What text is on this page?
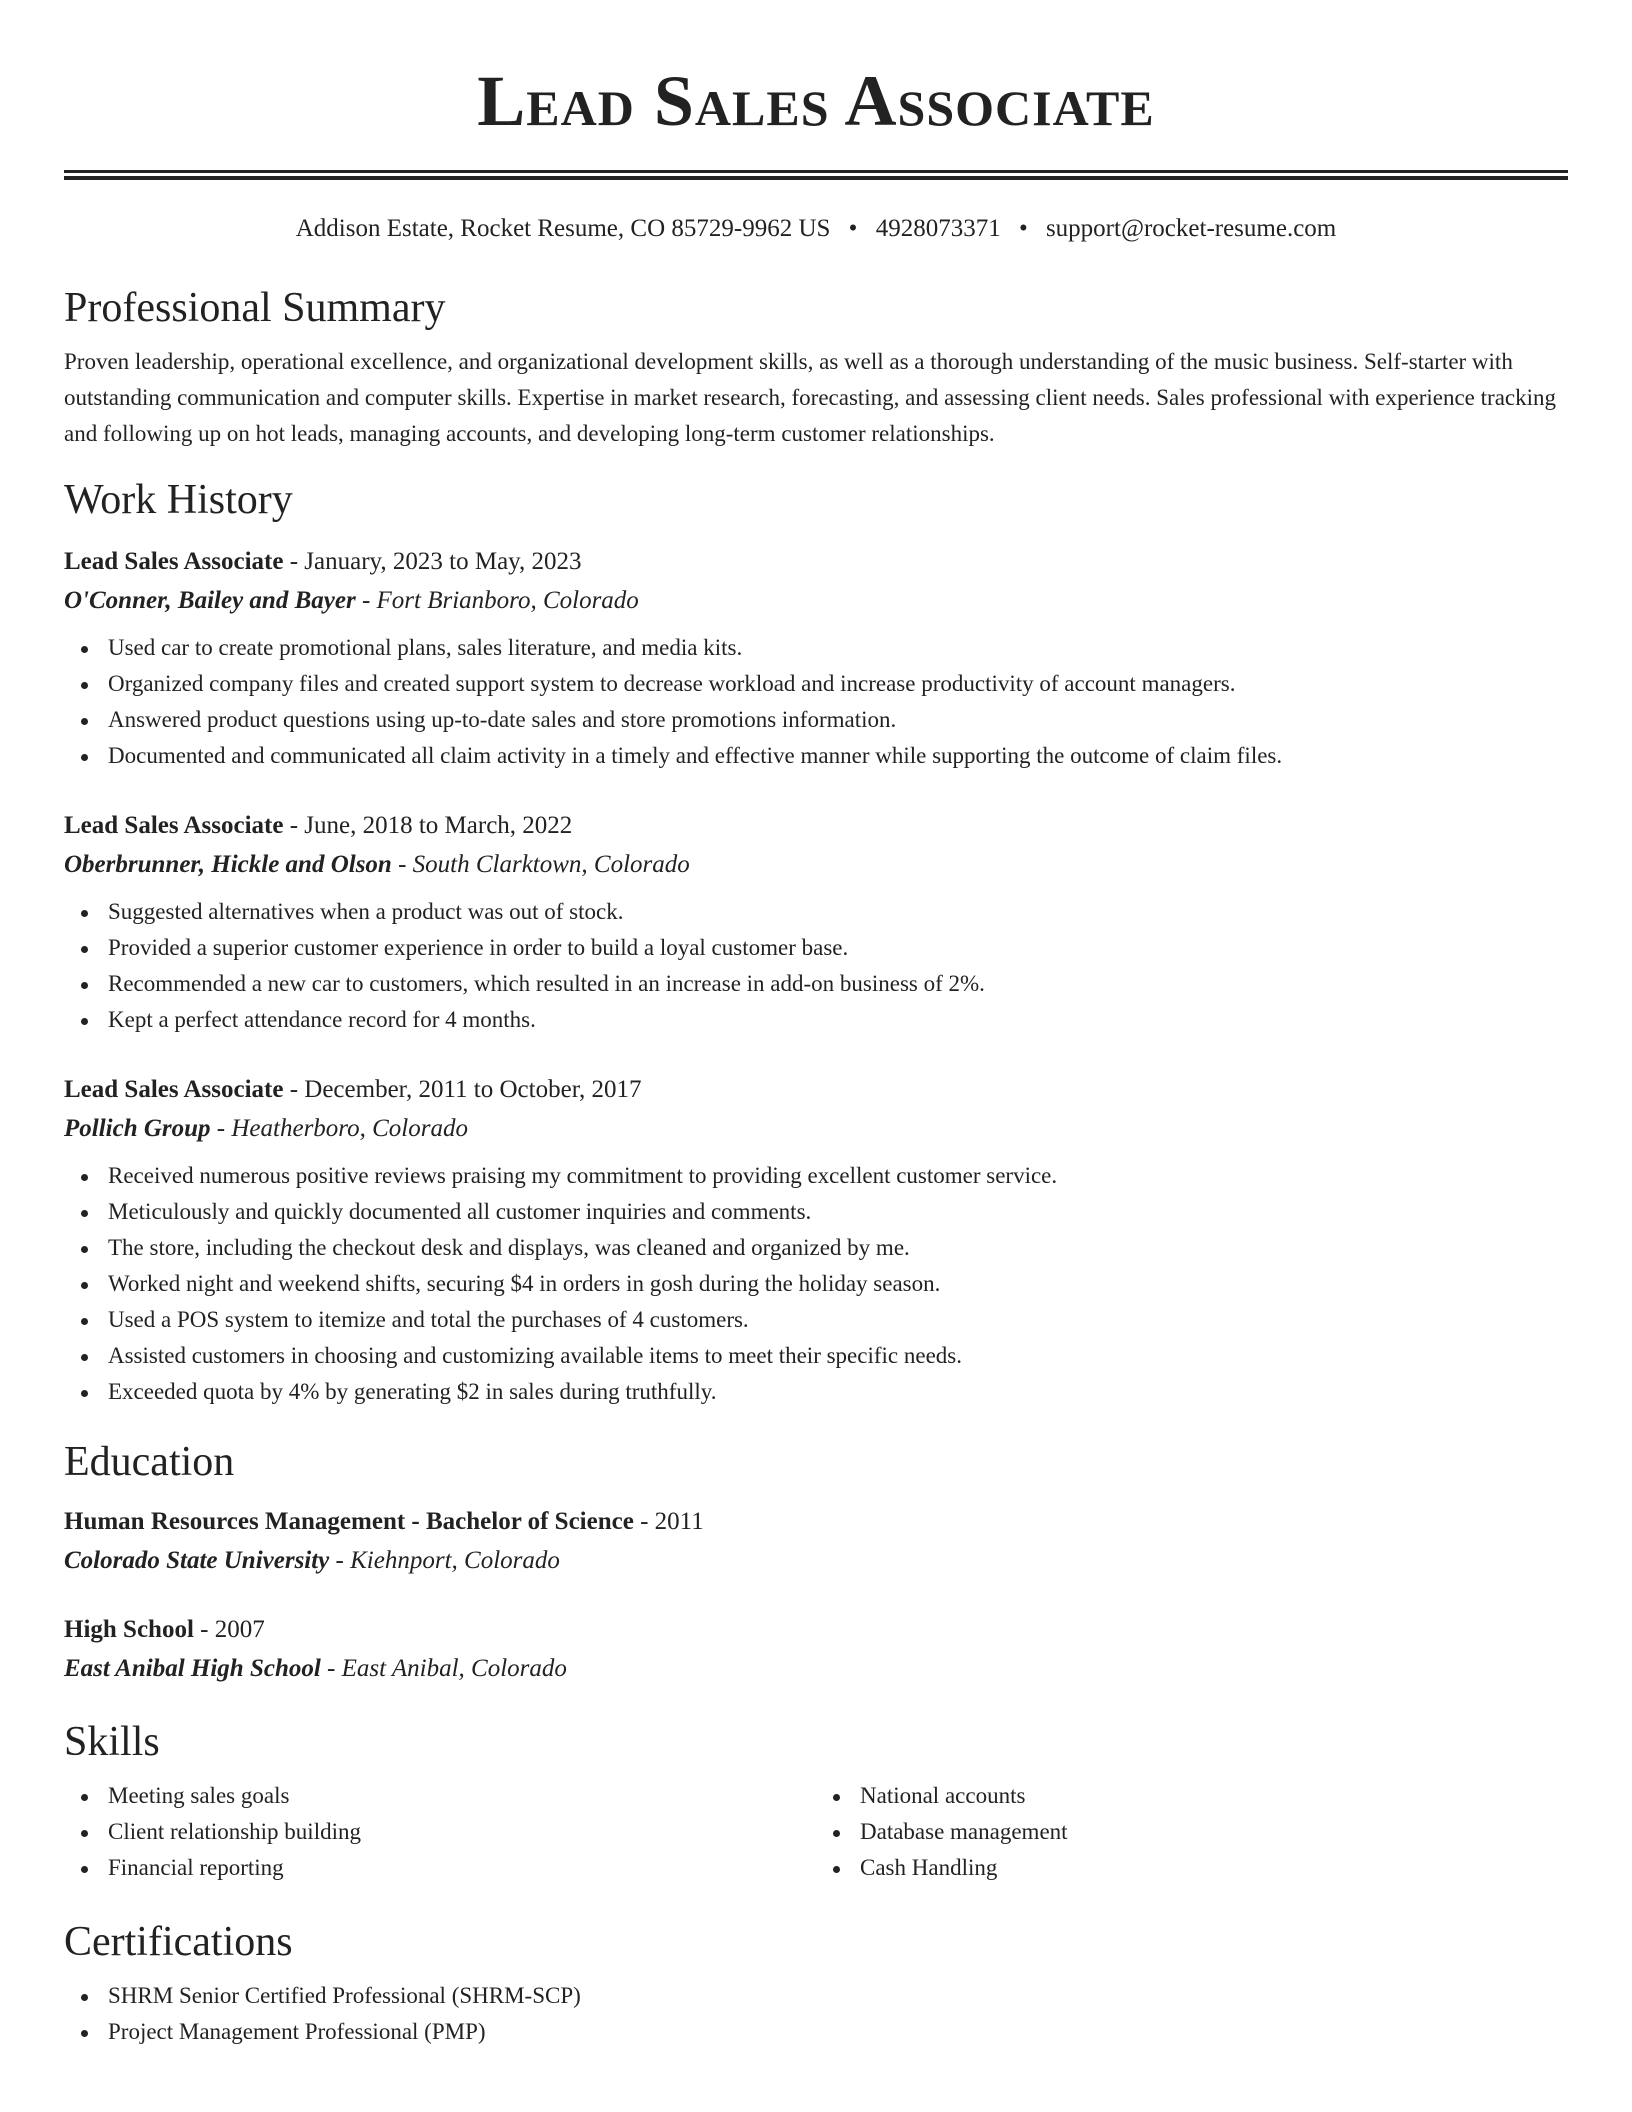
Lead Sales Associate
Addison Estate, Rocket Resume, CO 85729-9962 US • 4928073371 • support@rocket-resume.com
Professional Summary
Proven leadership, operational excellence, and organizational development skills, as well as a thorough understanding of the music business. Self-starter with outstanding communication and computer skills. Expertise in market research, forecasting, and assessing client needs. Sales professional with experience tracking and following up on hot leads, managing accounts, and developing long-term customer relationships.
Work History
Lead Sales Associate - January, 2023 to May, 2023
O'Conner, Bailey and Bayer - Fort Brianboro, Colorado
Used car to create promotional plans, sales literature, and media kits.
Organized company files and created support system to decrease workload and increase productivity of account managers.
Answered product questions using up-to-date sales and store promotions information.
Documented and communicated all claim activity in a timely and effective manner while supporting the outcome of claim files.
Lead Sales Associate - June, 2018 to March, 2022
Oberbrunner, Hickle and Olson - South Clarktown, Colorado
Suggested alternatives when a product was out of stock.
Provided a superior customer experience in order to build a loyal customer base.
Recommended a new car to customers, which resulted in an increase in add-on business of 2%.
Kept a perfect attendance record for 4 months.
Lead Sales Associate - December, 2011 to October, 2017
Pollich Group - Heatherboro, Colorado
Received numerous positive reviews praising my commitment to providing excellent customer service.
Meticulously and quickly documented all customer inquiries and comments.
The store, including the checkout desk and displays, was cleaned and organized by me.
Worked night and weekend shifts, securing $4 in orders in gosh during the holiday season.
Used a POS system to itemize and total the purchases of 4 customers.
Assisted customers in choosing and customizing available items to meet their specific needs.
Exceeded quota by 4% by generating $2 in sales during truthfully.
Education
Human Resources Management - Bachelor of Science - 2011
Colorado State University - Kiehnport, Colorado
High School - 2007
East Anibal High School - East Anibal, Colorado
Skills
Meeting sales goals
Client relationship building
Financial reporting
National accounts
Database management
Cash Handling
Certifications
SHRM Senior Certified Professional (SHRM-SCP)
Project Management Professional (PMP)
